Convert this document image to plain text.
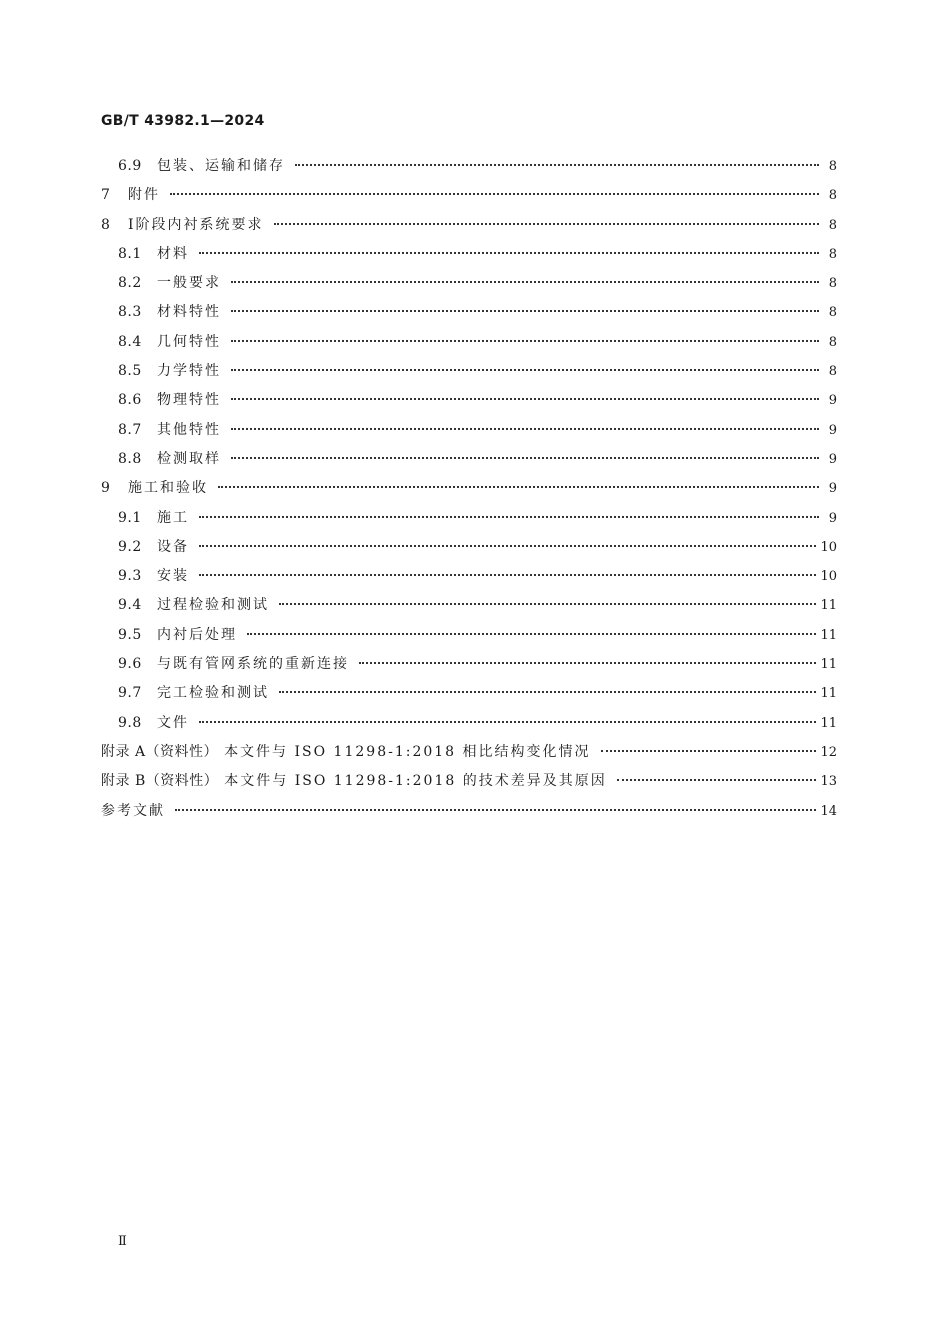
GB/T 43982.1—2024
6.9	包装、运输和储存	8
7	附件	8
8	Ⅰ阶段内衬系统要求	8
8.1	材料	8
8.2	一般要求	8
8.3	材料特性	8
8.4	几何特性	8
8.5	力学特性	8
8.6	物理特性	9
8.7	其他特性	9
8.8	检测取样	9
9	施工和验收	9
9.1	施工	9
9.2	设备	10
9.3	安装	10
9.4	过程检验和测试	11
9.5	内衬后处理	11
9.6	与既有管网系统的重新连接	11
9.7	完工检验和测试	11
9.8	文件	11
附录 A（资料性） 本文件与 ISO 11298-1:2018 相比结构变化情况	12
附录 B（资料性） 本文件与 ISO 11298-1:2018 的技术差异及其原因	13
参考文献	14
Ⅱ
